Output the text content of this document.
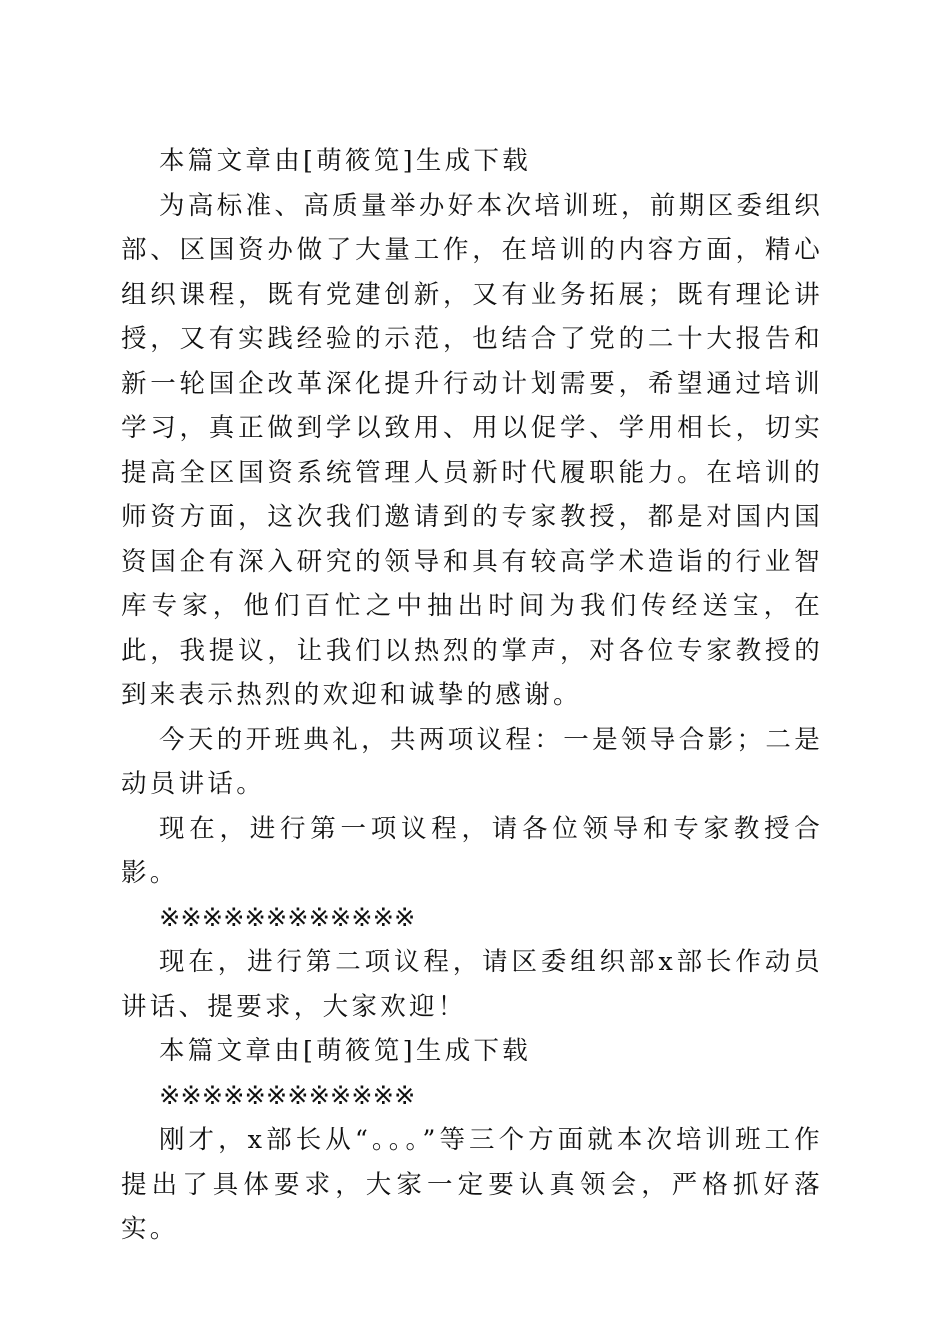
本篇文章由[萌筱笕]生成下载

为高标准、高质量举办好本次培训班，前期区委组织部、区国资办做了大量工作，在培训的内容方面，精心组织课程，既有党建创新，又有业务拓展；既有理论讲授，又有实践经验的示范，也结合了党的二十大报告和新一轮国企改革深化提升行动计划需要，希望通过培训学习，真正做到学以致用、用以促学、学用相长，切实提高全区国资系统管理人员新时代履职能力。在培训的师资方面，这次我们邀请到的专家教授，都是对国内国资国企有深入研究的领导和具有较高学术造诣的行业智库专家，他们百忙之中抽出时间为我们传经送宝，在此，我提议，让我们以热烈的掌声，对各位专家教授的到来表示热烈的欢迎和诚挚的感谢。

今天的开班典礼，共两项议程：一是领导合影；二是动员讲话。

现在，进行第一项议程，请各位领导和专家教授合影。

※※※※※※※※※※※※

现在，进行第二项议程，请区委组织部x部长作动员讲话、提要求，大家欢迎！

本篇文章由[萌筱笕]生成下载

※※※※※※※※※※※※

刚才，x部长从“。。。”等三个方面就本次培训班工作提出了具体要求，大家一定要认真领会，严格抓好落实。
